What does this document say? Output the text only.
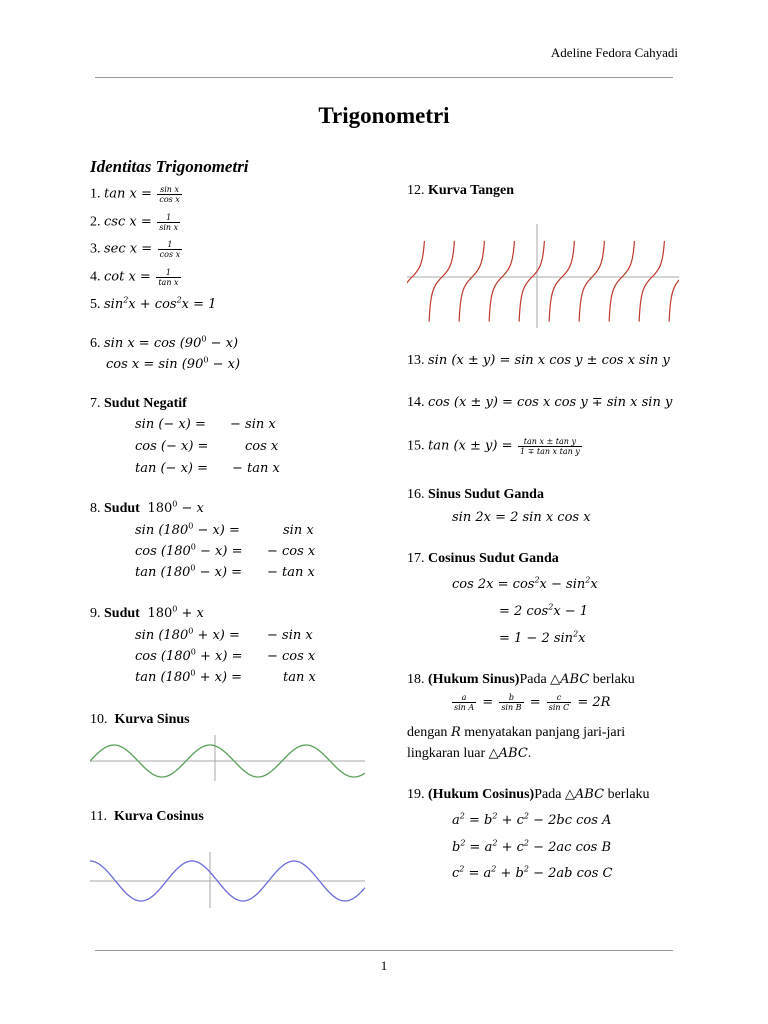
Adeline Fedora Cahyadi
Trigonometri
Identitas Trigonometri
1. $\tan x = \frac{\text{sin x}}{\text{cos x}}$
2. $\csc x = \frac{1}{\text{sin x}}$
3. $\sec x = \frac{1}{\text{cos x}}$
4. $\cot x = \frac{1}{\text{tan x}}$
5. $\sin^2x + \cos^2x = 1$
6. $\sin x = \cos (90^0 - x)$
$\cos x = \sin (90^0 - x)$
7. Sudut Negatif
sin (− x) = − sin x
cos (− x) =	cos x
tan (− x) = − tan x
8. Sudut $180^0 - x$
$\sin (180^0 - x)$ =	sin x
$\cos (180^0 - x)$ = − cos x
$\tan (180^0 - x)$ = − tan x
9. Sudut $180^0 + x$
$\sin (180^0 + x)$ = − sin x
$\cos (180^0 + x)$ = − cos x
$\tan (180^0 + x)$ =	tan x
10. Kurva Sinus
11. Kurva Cosinus
12. Kurva Tangen
13. sin (x ± y) = sin x cos y ± cos x sin y
14. cos (x ± y) = cos x cos y ∓ sin x sin y
15. $\tan (x \pm y) = \frac{\text{tan x ± tan y}}{\text{1 ∓ tan x tan y}}$
16. Sinus Sudut Ganda
sin 2x = 2 sin x cos x
17. Cosinus Sudut Ganda
$\cos 2x = \cos^2x - \sin^2x$
= 2 $\cos^2x - 1$
= 1 − 2 $\sin^2x$
18. (Hukum Sinus)Pada △ABC berlaku
$\frac{a}{\text{sin A}} = \frac{b}{\text{sin B}} = \frac{c}{\text{sin C}} = 2R$
dengan R menyatakan panjang jari-jari
lingkaran luar △ABC.
19. (Hukum Cosinus)Pada △ABC berlaku
$a^2 = b^2 + c^2 - 2bc$ cos A
$b^2 = a^2 + c^2 - 2ac$ cos B
$c^2 = a^2 + b^2 - 2ab$ cos C
1
